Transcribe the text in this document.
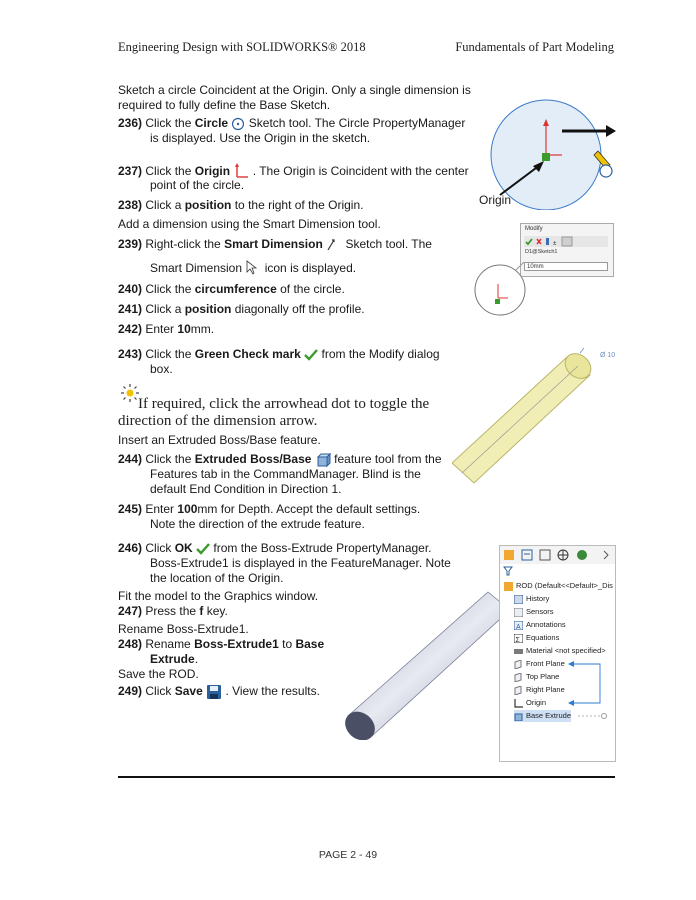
Engineering Design with SOLIDWORKS® 2018	Fundamentals of Part Modeling
Sketch a circle Coincident at the Origin. Only a single dimension is
required to fully define the Base Sketch.
236) Click the Circle  Sketch tool. The Circle PropertyManager
is displayed. Use the Origin in the sketch.
237) Click the Origin . The Origin is Coincident with the center
point of the circle.
238) Click a position to the right of the Origin.
Add a dimension using the Smart Dimension tool.
239) Right-click the Smart Dimension  Sketch tool. The
Smart Dimension  icon is displayed.
240) Click the circumference of the circle.
241) Click a position diagonally off the profile.
242) Enter 10mm.
243) Click the Green Check mark  from the Modify dialog
box.
If required, click the arrowhead dot to toggle the
direction of the dimension arrow.
Insert an Extruded Boss/Base feature.
244) Click the Extruded Boss/Base  feature tool from the
Features tab in the CommandManager. Blind is the
default End Condition in Direction 1.
245) Enter 100mm for Depth. Accept the default settings.
Note the direction of the extrude feature.
246) Click OK  from the Boss-Extrude PropertyManager.
Boss-Extrude1 is displayed in the FeatureManager. Note
the location of the Origin.
Fit the model to the Graphics window.
247) Press the f key.
Rename Boss-Extrude1.
248) Rename Boss-Extrude1 to Base
Extrude.
Save the ROD.
249) Click Save . View the results.
Origin
Modify
±
D1@Sketch1
10mm
Ø 10
ROD (Default<<Default>_Dis
History
Sensors
A Annotations
Σ Equations
Material <not specified>
Front Plane
Top Plane
Right Plane
Origin
Base Extrude
PAGE 2 - 49
